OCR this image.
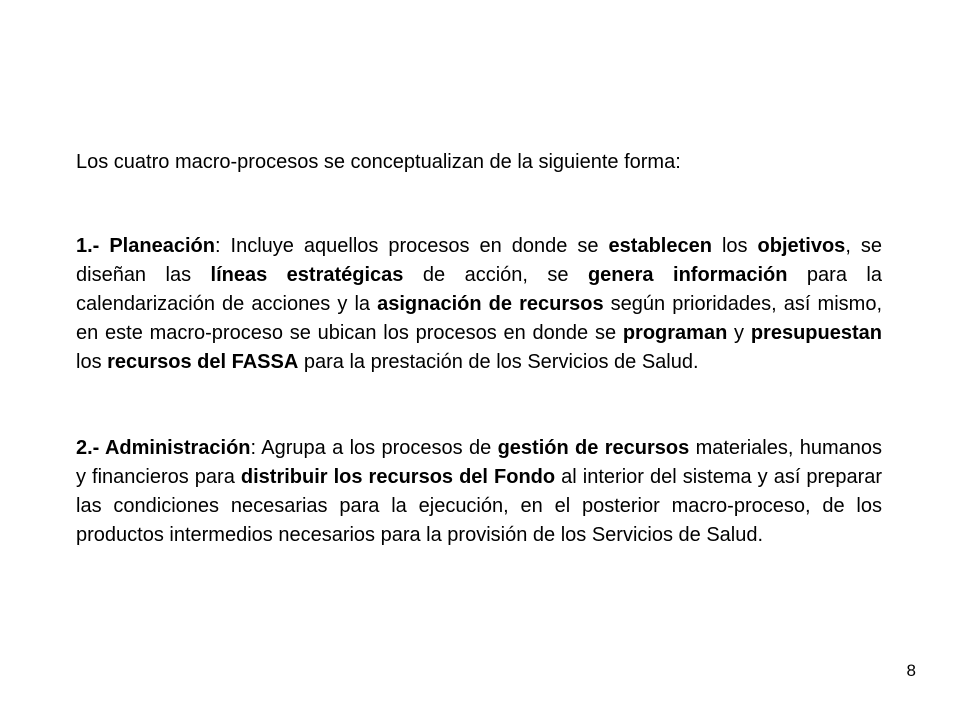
Los cuatro macro-procesos se conceptualizan de la siguiente forma:

1.- Planeación: Incluye aquellos procesos en donde se establecen los objetivos, se diseñan las líneas estratégicas de acción, se genera información para la calendarización de acciones y la asignación de recursos según prioridades, así mismo, en este macro-proceso se ubican los procesos en donde se programan y presupuestan los recursos del FASSA para la prestación de los Servicios de Salud.

2.- Administración: Agrupa a los procesos de gestión de recursos materiales, humanos y financieros para distribuir los recursos del Fondo al interior del sistema y así preparar las condiciones necesarias para la ejecución, en el posterior macro-proceso, de los productos intermedios necesarios para la provisión de los Servicios de Salud.

8
